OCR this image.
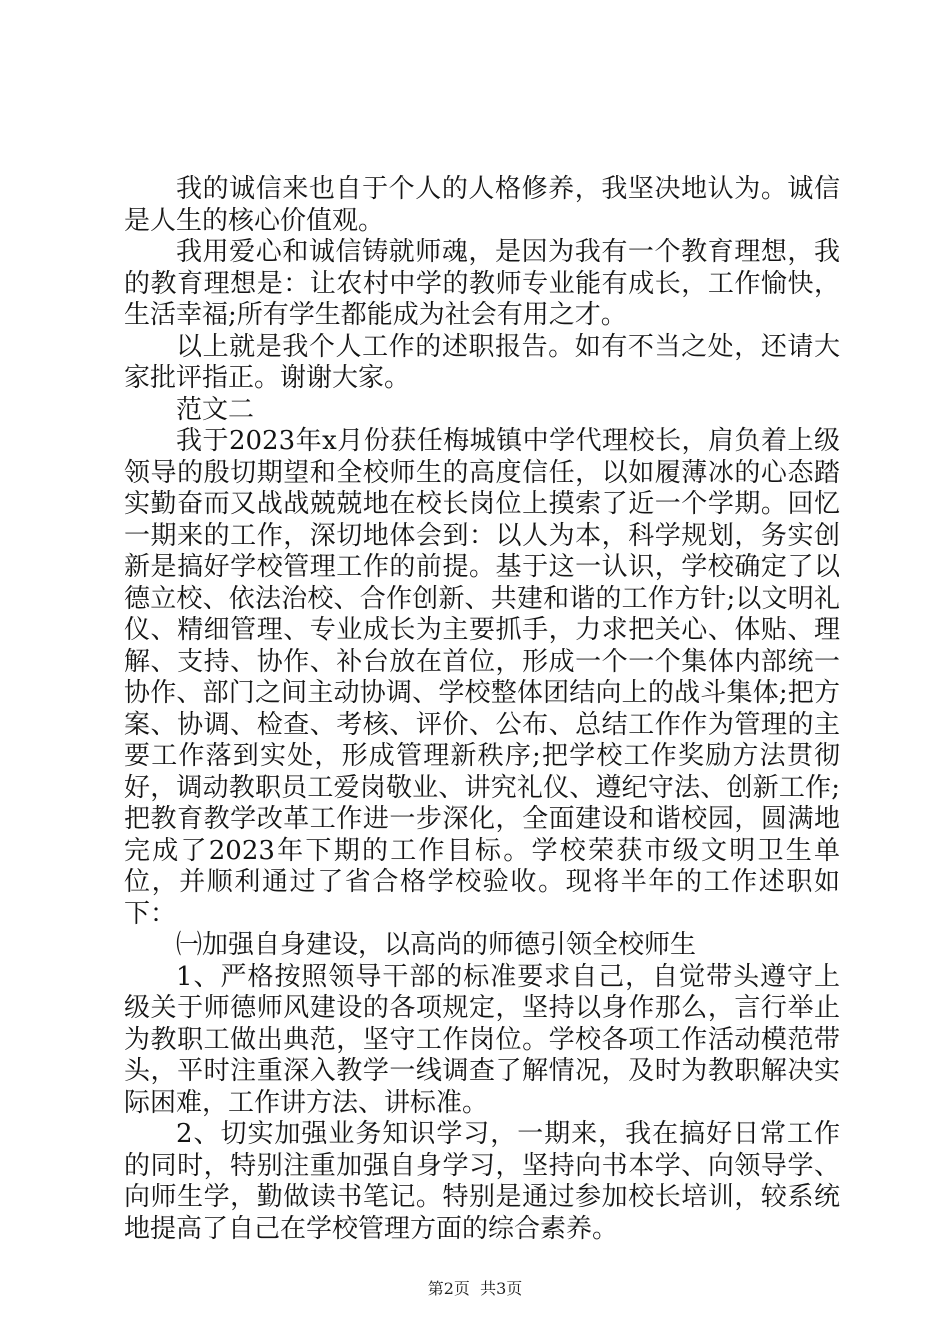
我的诚信来也自于个人的人格修养，我坚决地认为。诚信是人生的核心价值观。

我用爱心和诚信铸就师魂，是因为我有一个教育理想，我的教育理想是：让农村中学的教师专业能有成长，工作愉快，生活幸福;所有学生都能成为社会有用之才。

以上就是我个人工作的述职报告。如有不当之处，还请大家批评指正。谢谢大家。

范文二

我于2023年x月份获任梅城镇中学代理校长，肩负着上级领导的殷切期望和全校师生的高度信任，以如履薄冰的心态踏实勤奋而又战战兢兢地在校长岗位上摸索了近一个学期。回忆一期来的工作，深切地体会到：以人为本，科学规划，务实创新是搞好学校管理工作的前提。基于这一认识，学校确定了以德立校、依法治校、合作创新、共建和谐的工作方针;以文明礼仪、精细管理、专业成长为主要抓手，力求把关心、体贴、理解、支持、协作、补台放在首位，形成一个一个集体内部统一协作、部门之间主动协调、学校整体团结向上的战斗集体;把方案、协调、检查、考核、评价、公布、总结工作作为管理的主要工作落到实处，形成管理新秩序;把学校工作奖励方法贯彻好，调动教职员工爱岗敬业、讲究礼仪、遵纪守法、创新工作;把教育教学改革工作进一步深化，全面建设和谐校园，圆满地完成了2023年下期的工作目标。学校荣获市级文明卫生单位，并顺利通过了省合格学校验收。现将半年的工作述职如下：

㈠加强自身建设，以高尚的师德引领全校师生

1、严格按照领导干部的标准要求自己，自觉带头遵守上级关于师德师风建设的各项规定，坚持以身作那么，言行举止为教职工做出典范，坚守工作岗位。学校各项工作活动模范带头，平时注重深入教学一线调查了解情况，及时为教职解决实际困难，工作讲方法、讲标准。

2、切实加强业务知识学习，一期来，我在搞好日常工作的同时，特别注重加强自身学习，坚持向书本学、向领导学、向师生学，勤做读书笔记。特别是通过参加校长培训，较系统地提高了自己在学校管理方面的综合素养。

第2页  共3页
